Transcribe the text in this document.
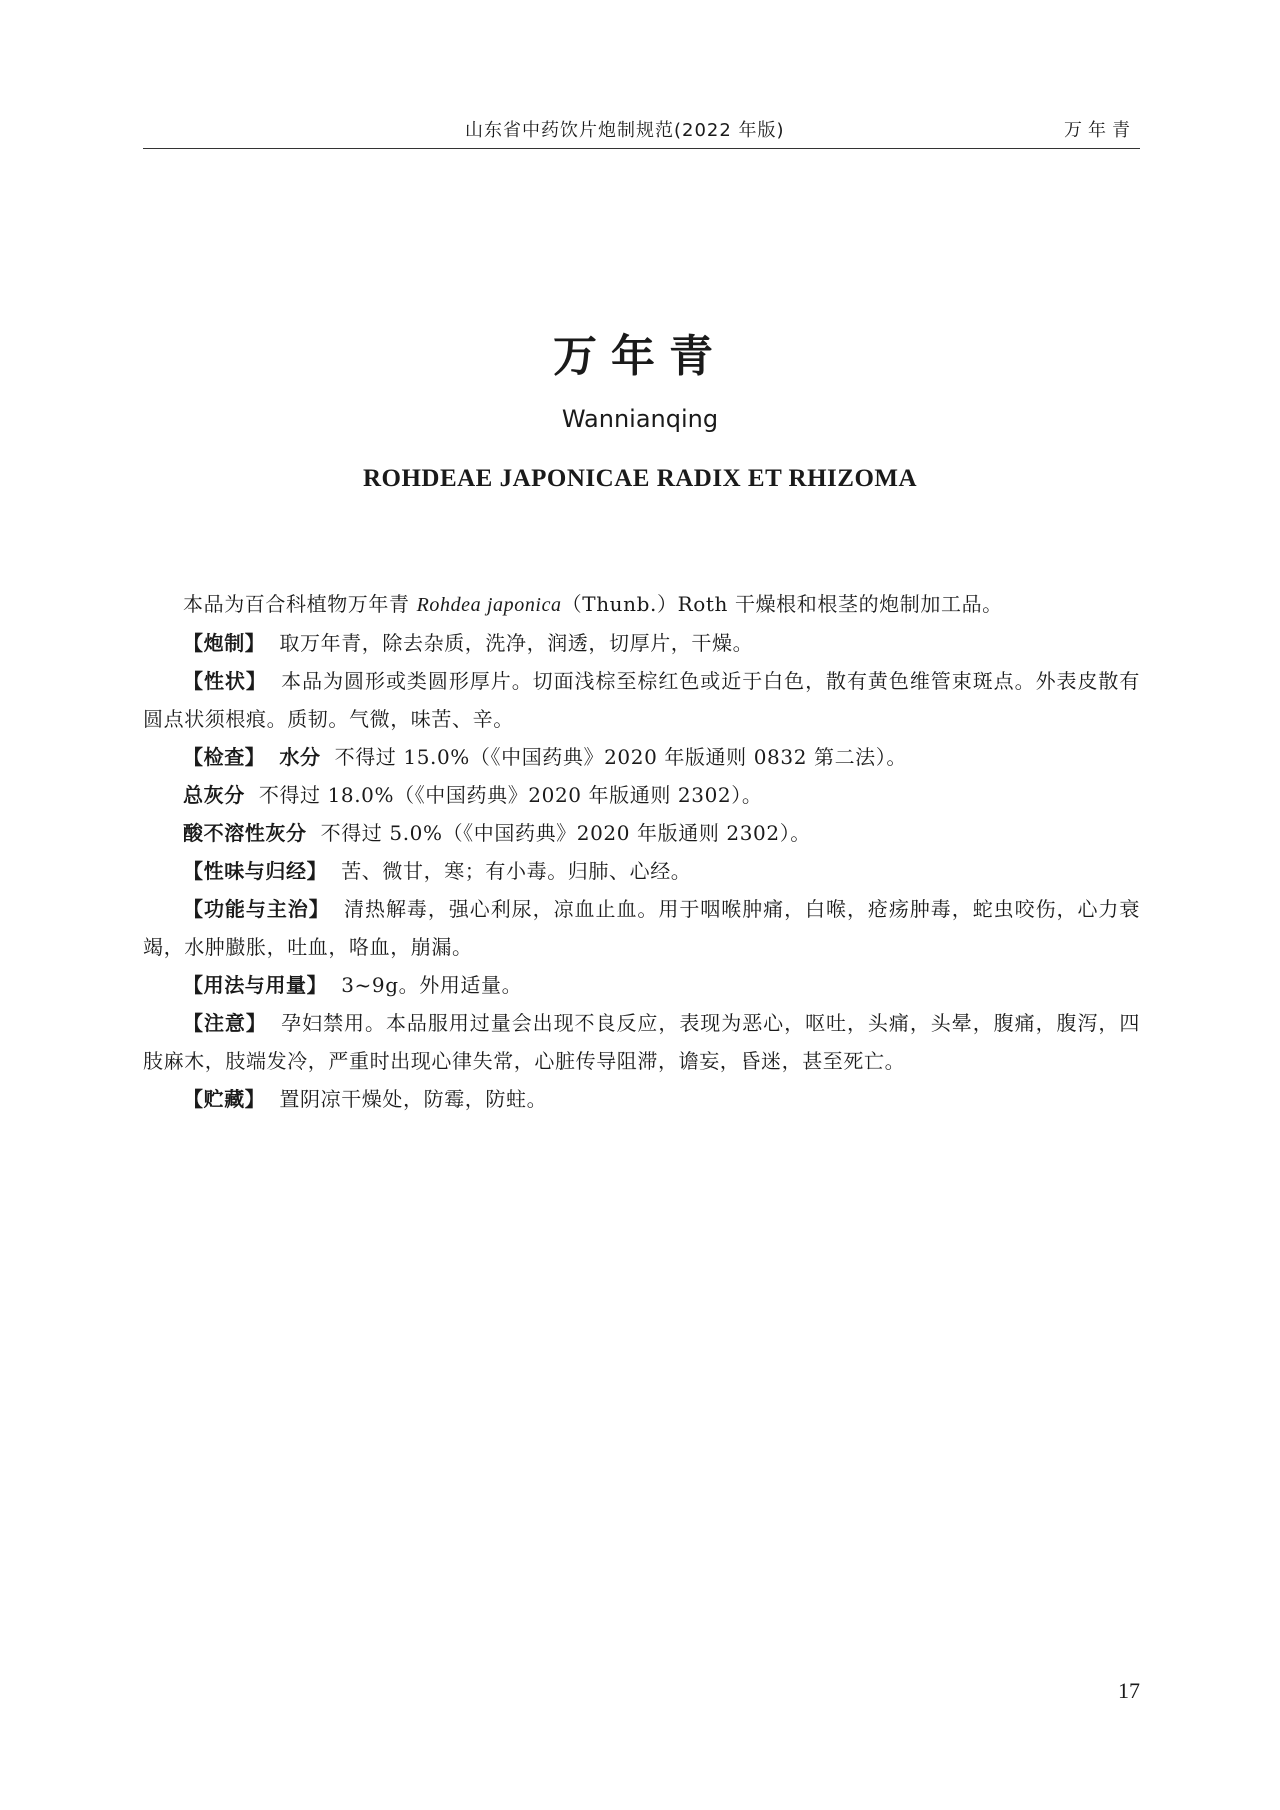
山东省中药饮片炮制规范(2022 年版)	万年青
万年青
Wannianqing
ROHDEAE JAPONICAE RADIX ET RHIZOMA

本品为百合科植物万年青 Rohdea japonica（Thunb.）Roth 干燥根和根茎的炮制加工品。

【炮制】 取万年青，除去杂质，洗净，润透，切厚片，干燥。

【性状】 本品为圆形或类圆形厚片。切面浅棕至棕红色或近于白色，散有黄色维管束斑点。外表皮散有圆点状须根痕。质韧。气微，味苦、辛。

【检查】 水分 不得过 15.0%（《中国药典》2020 年版通则 0832 第二法）。

总灰分 不得过 18.0%（《中国药典》2020 年版通则 2302）。

酸不溶性灰分 不得过 5.0%（《中国药典》2020 年版通则 2302）。

【性味与归经】 苦、微甘，寒；有小毒。归肺、心经。

【功能与主治】 清热解毒，强心利尿，凉血止血。用于咽喉肿痛，白喉，疮疡肿毒，蛇虫咬伤，心力衰竭，水肿臌胀，吐血，咯血，崩漏。

【用法与用量】 3~9g。外用适量。

【注意】 孕妇禁用。本品服用过量会出现不良反应，表现为恶心，呕吐，头痛，头晕，腹痛，腹泻，四肢麻木，肢端发冷，严重时出现心律失常，心脏传导阻滞，谵妄，昏迷，甚至死亡。

【贮藏】 置阴凉干燥处，防霉，防蛀。

17
